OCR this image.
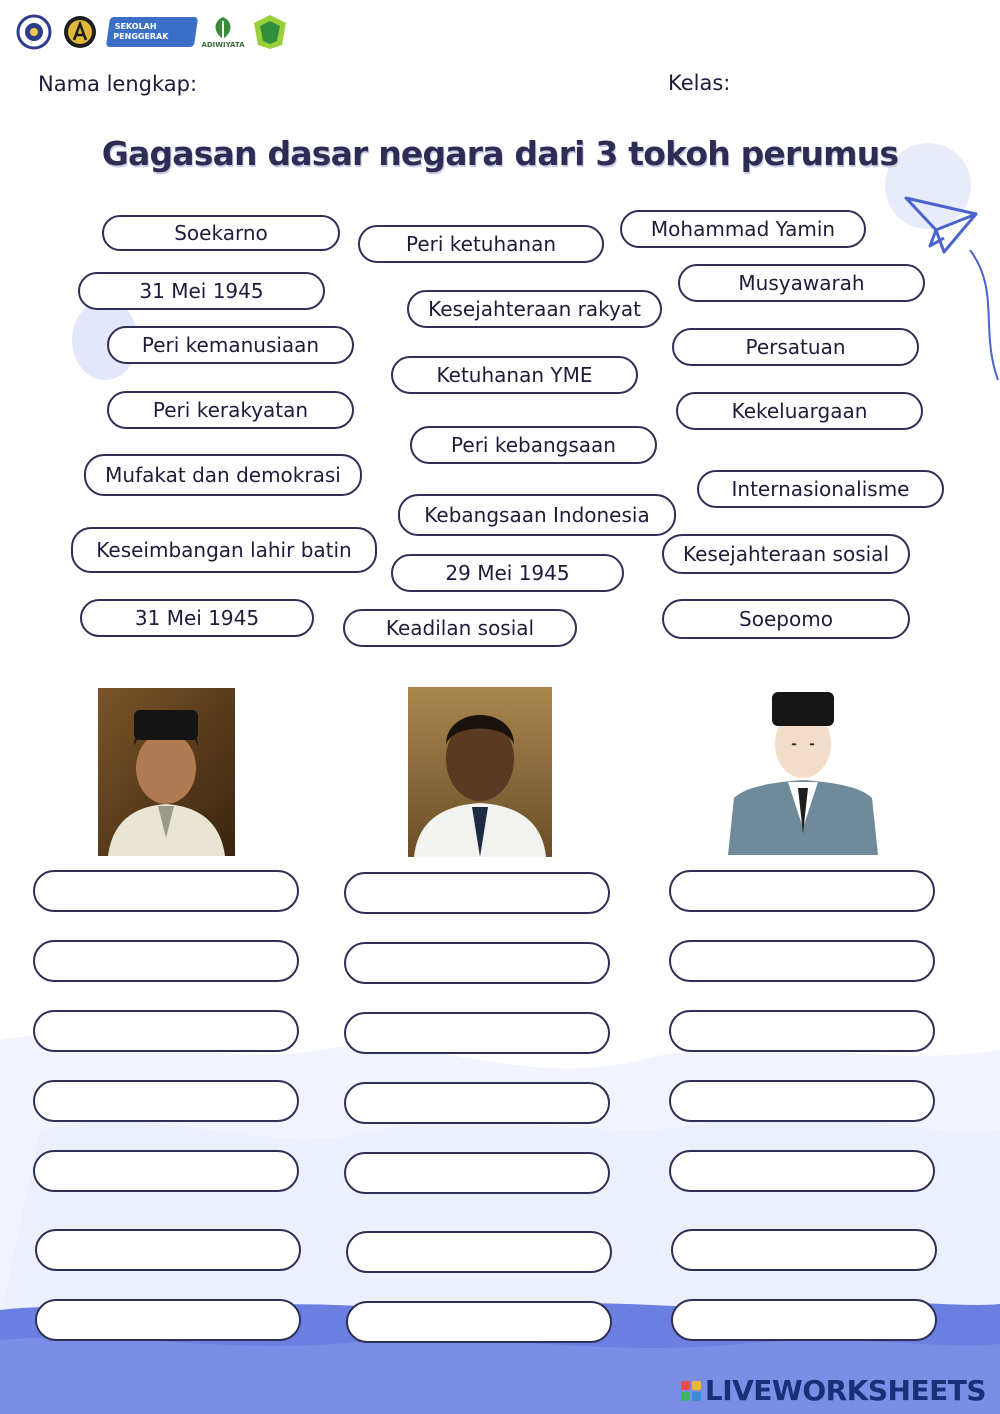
SEKOLAH
PENGGERAK
ADIWIYATA
Nama lengkap:	Kelas:
Gagasan dasar negara dari 3 tokoh perumus
Soekarno	Peri ketuhanan
Mohammad Yamin
31 Mei 1945	Musyawarah
Kesejahteraan rakyat
Peri kemanusiaan	Persatuan
Ketuhanan YME
Peri kerakyatan	Kekeluargaan
Peri kebangsaan
Mufakat dan demokrasi
Internasionalisme
Kebangsaan Indonesia
Keseimbangan lahir batin	Kesejahteraan sosial
29 Mei 1945
31 Mei 1945	Soepomo
Keadilan sosial
LIVEWORKSHEETS
